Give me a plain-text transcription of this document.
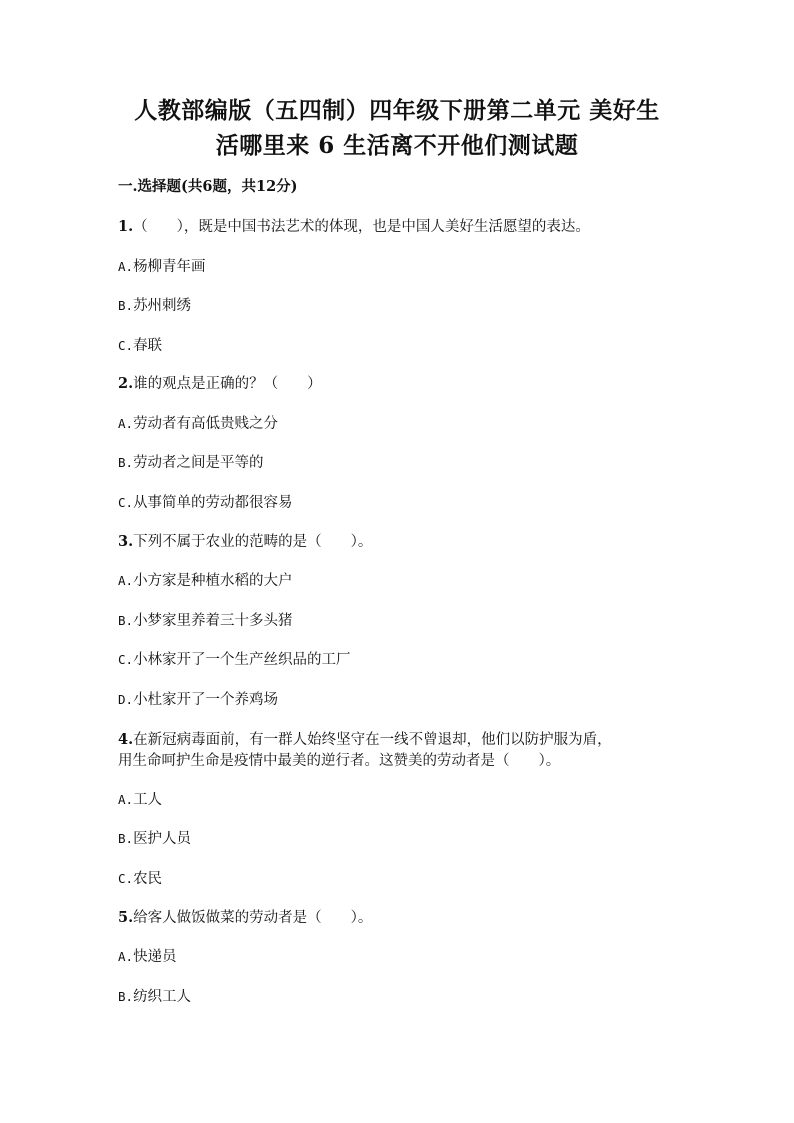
人教部编版（五四制）四年级下册第二单元 美好生
活哪里来 6 生活离不开他们测试题
一.选择题(共6题，共12分)
1.（　　），既是中国书法艺术的体现，也是中国人美好生活愿望的表达。
A.杨柳青年画
B.苏州刺绣
C.春联
2.谁的观点是正确的？（　　）
A.劳动者有高低贵贱之分
B.劳动者之间是平等的
C.从事简单的劳动都很容易
3.下列不属于农业的范畴的是（　　）。
A.小方家是种植水稻的大户
B.小梦家里养着三十多头猪
C.小林家开了一个生产丝织品的工厂
D.小杜家开了一个养鸡场
4.在新冠病毒面前，有一群人始终坚守在一线不曾退却，他们以防护服为盾，
用生命呵护生命是疫情中最美的逆行者。这赞美的劳动者是（　　）。
A.工人
B.医护人员
C.农民
5.给客人做饭做菜的劳动者是（　　）。
A.快递员
B.纺织工人
